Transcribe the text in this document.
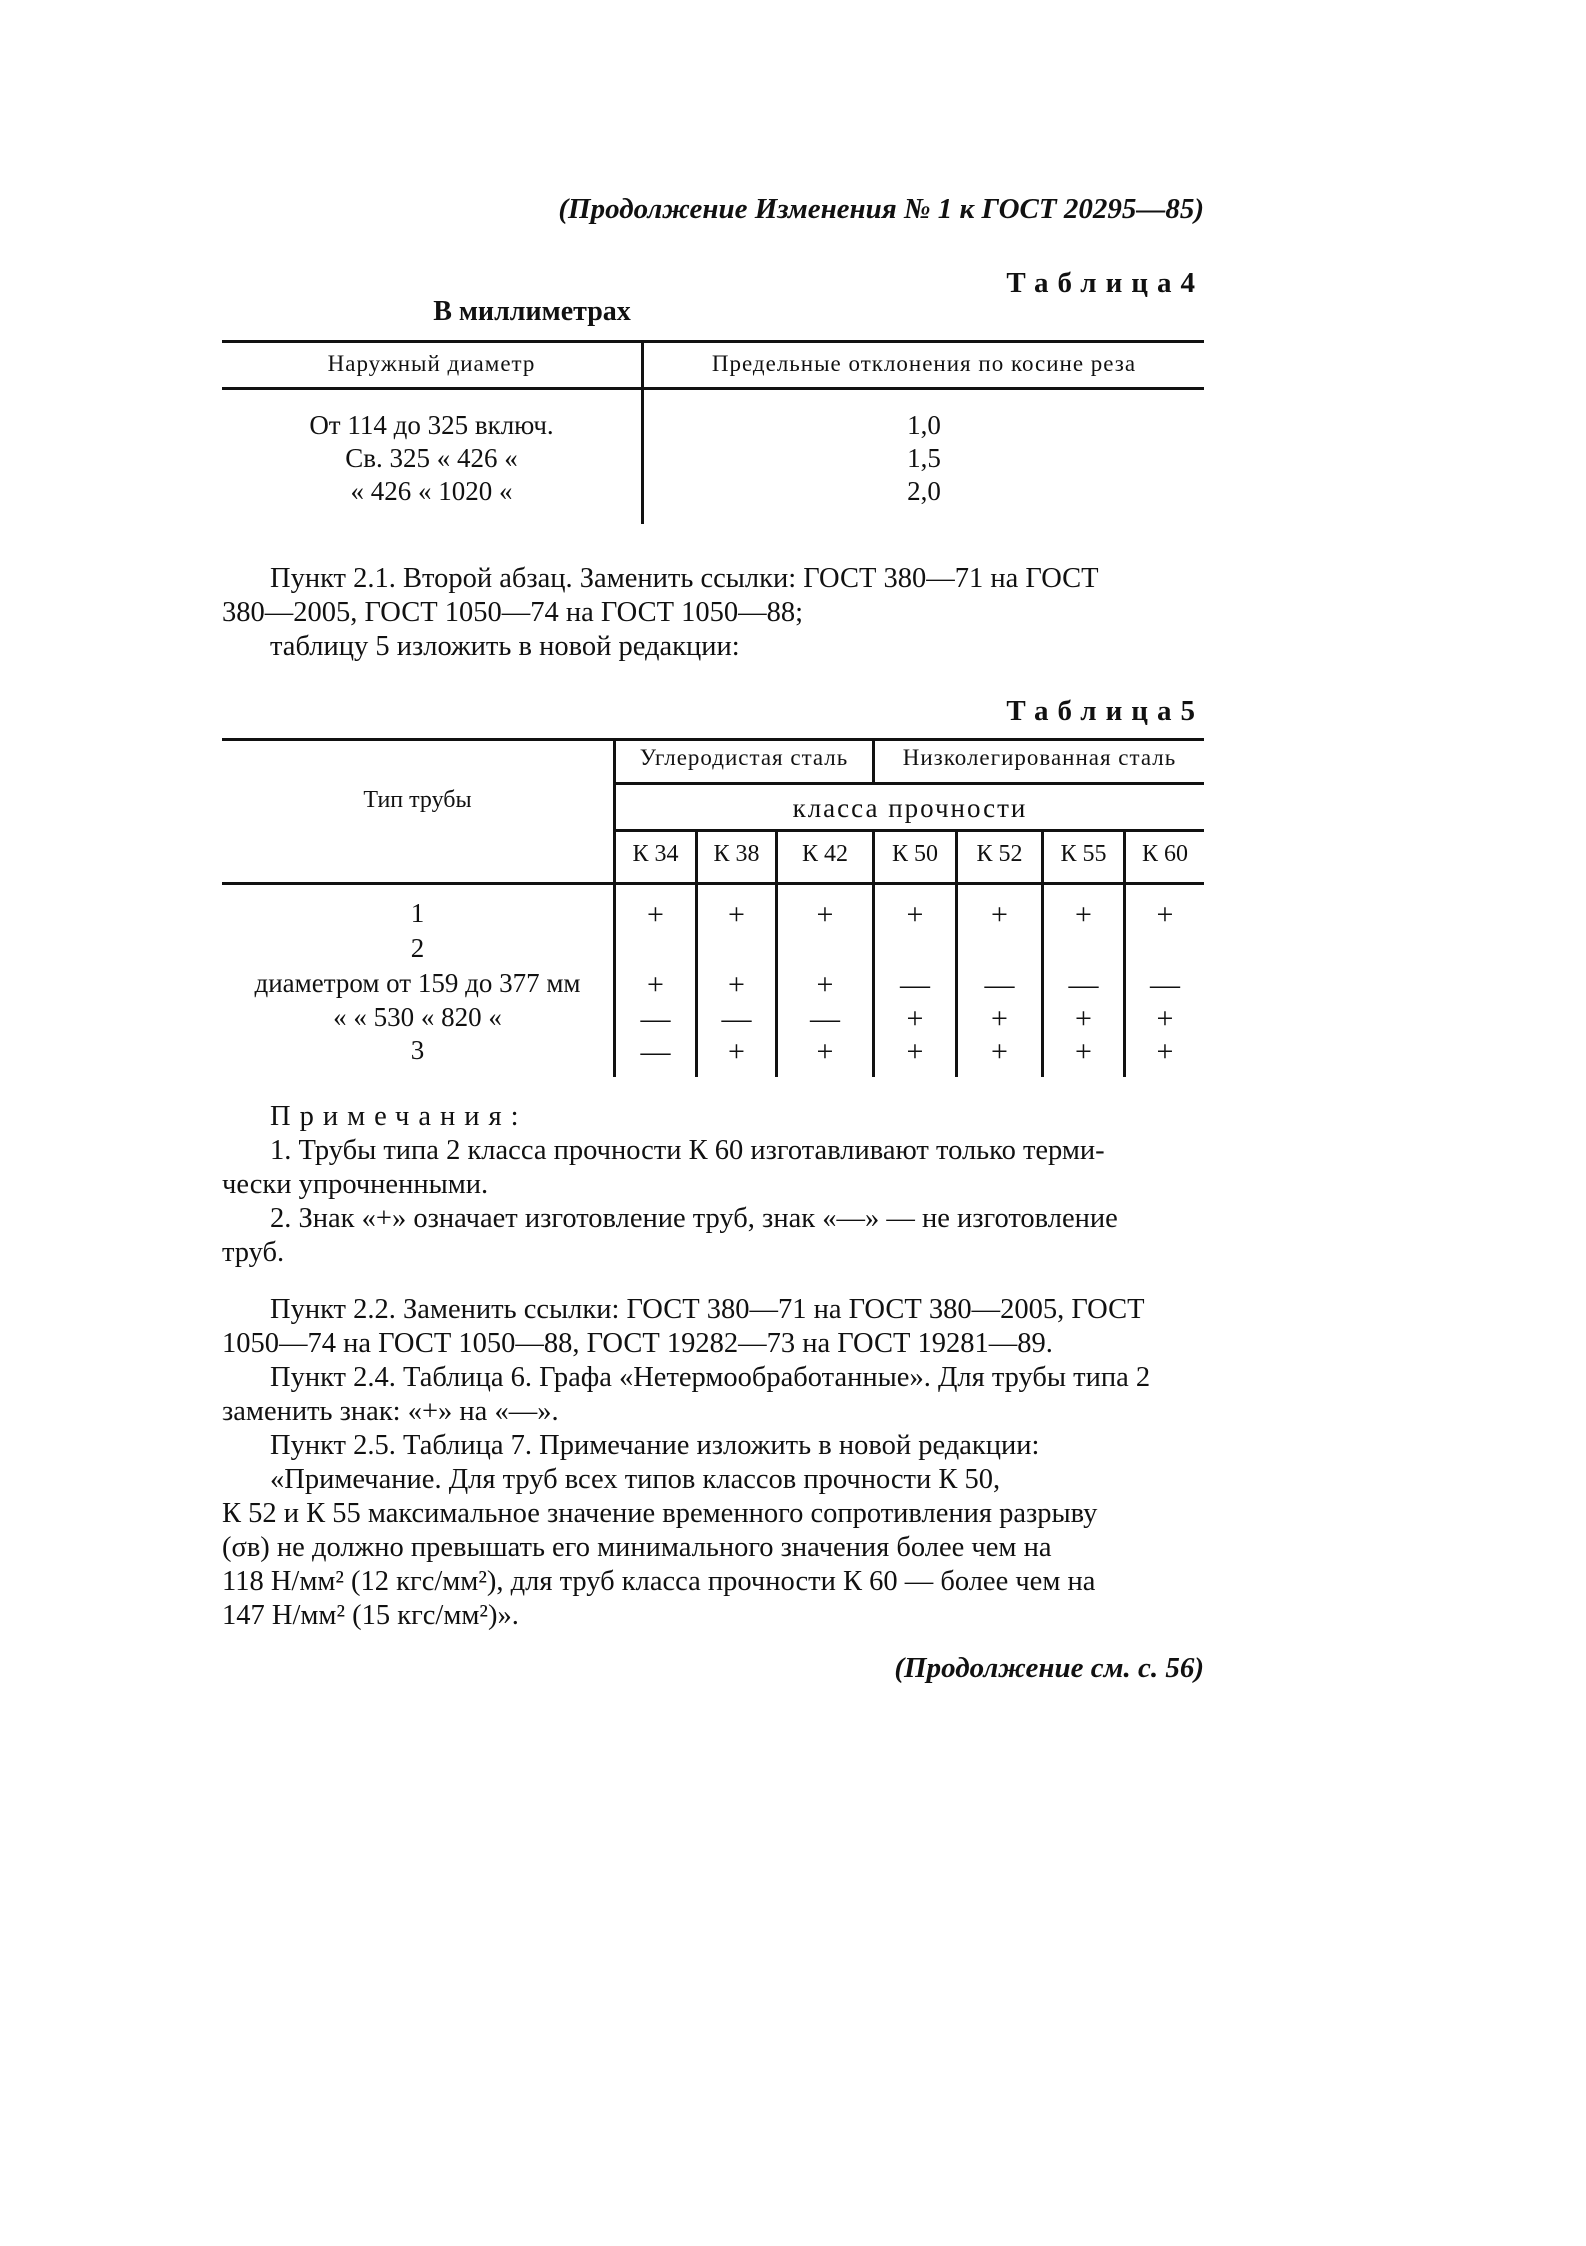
(Продолжение Изменения № 1 к ГОСТ 20295—85)
Таблица4
В миллиметрах
Наружный диаметр	Предельные отклонения по косине реза
От 114 до 325 включ.	1,0
Св. 325 « 426 «	1,5
« 426 « 1020 «	2,0
Пункт 2.1. Второй абзац. Заменить ссылки: ГОСТ 380—71 на ГОСТ
380—2005, ГОСТ 1050—74 на ГОСТ 1050—88;
таблицу 5 изложить в новой редакции:
Таблица5
Тип трубы
Углеродистая сталь	Низколегированная сталь
класса прочности
К 34	К 38	К 42	К 50	К 52	К 55	К 60
1	+	+	+	+	+	+	+
2
диаметром от 159 до 377 мм	+	+	+	—	—	—	—
« « 530 « 820 «	—	—	—	+	+	+	+
3	—	+	+	+	+	+	+
Примечания:
1. Трубы типа 2 класса прочности К 60 изготавливают только терми-
чески упрочненными.
2. Знак «+» означает изготовление труб, знак «—» — не изготовление
труб.
Пункт 2.2. Заменить ссылки: ГОСТ 380—71 на ГОСТ 380—2005, ГОСТ
1050—74 на ГОСТ 1050—88, ГОСТ 19282—73 на ГОСТ 19281—89.
Пункт 2.4. Таблица 6. Графа «Нетермообработанные». Для трубы типа 2
заменить знак: «+» на «—».
Пункт 2.5. Таблица 7. Примечание изложить в новой редакции:
«Примечание. Для труб всех типов классов прочности К 50,
К 52 и К 55 максимальное значение временного сопротивления разрыву
(σв) не должно превышать его минимального значения более чем на
118 Н/мм² (12 кгс/мм²), для труб класса прочности К 60 — более чем на
147 Н/мм² (15 кгс/мм²)».
(Продолжение см. с. 56)
